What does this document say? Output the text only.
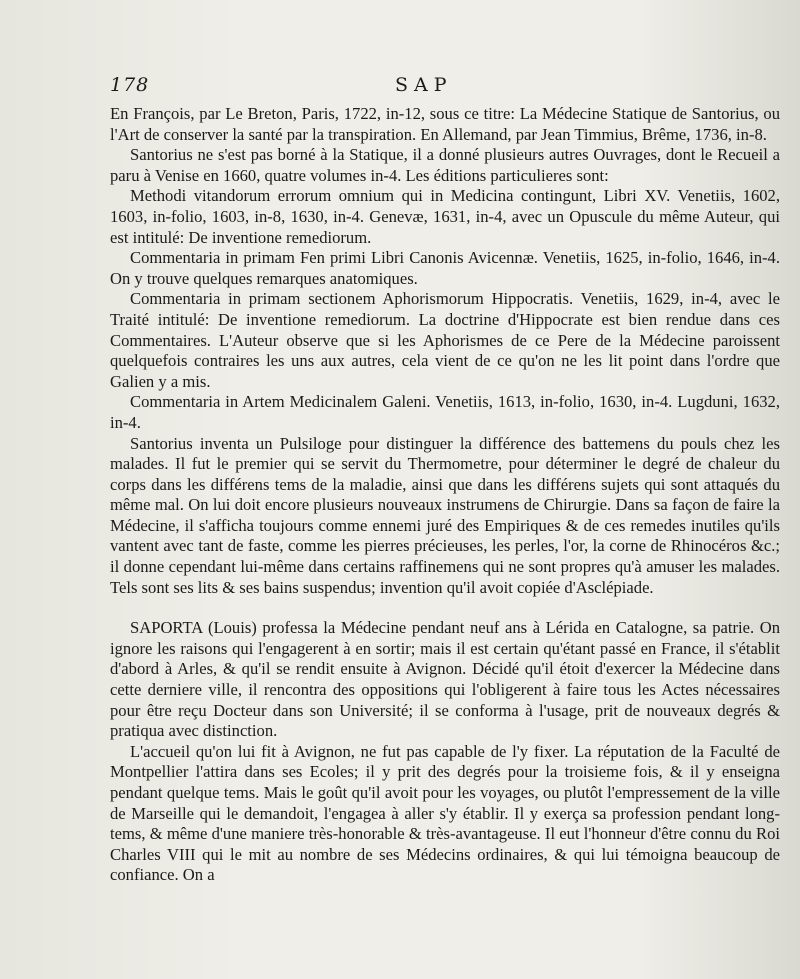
178	SAP

En François, par Le Breton, Paris, 1722, in-12, sous ce titre: La Médecine Statique de Santorius, ou l'Art de conserver la santé par la transpiration. En Allemand, par Jean Timmius, Brême, 1736, in-8.

Santorius ne s'est pas borné à la Statique, il a donné plusieurs autres Ouvrages, dont le Recueil a paru à Venise en 1660, quatre volumes in-4. Les éditions particulieres sont:

Methodi vitandorum errorum omnium qui in Medicina contingunt, Libri XV. Venetiis, 1602, 1603, in-folio, 1603, in-8, 1630, in-4. Genevæ, 1631, in-4, avec un Opuscule du même Auteur, qui est intitulé: De inventione remediorum.

Commentaria in primam Fen primi Libri Canonis Avicennæ. Venetiis, 1625, in-folio, 1646, in-4. On y trouve quelques remarques anatomiques.

Commentaria in primam sectionem Aphorismorum Hippocratis. Venetiis, 1629, in-4, avec le Traité intitulé: De inventione remediorum. La doctrine d'Hippocrate est bien rendue dans ces Commentaires. L'Auteur observe que si les Aphorismes de ce Pere de la Médecine paroissent quelquefois contraires les uns aux autres, cela vient de ce qu'on ne les lit point dans l'ordre que Galien y a mis.

Commentaria in Artem Medicinalem Galeni. Venetiis, 1613, in-folio, 1630, in-4. Lugduni, 1632, in-4.

Santorius inventa un Pulsiloge pour distinguer la différence des battemens du pouls chez les malades. Il fut le premier qui se servit du Thermometre, pour déterminer le degré de chaleur du corps dans les différens tems de la maladie, ainsi que dans les différens sujets qui sont attaqués du même mal. On lui doit encore plusieurs nouveaux instrumens de Chirurgie. Dans sa façon de faire la Médecine, il s'afficha toujours comme ennemi juré des Empiriques & de ces remedes inutiles qu'ils vantent avec tant de faste, comme les pierres précieuses, les perles, l'or, la corne de Rhinocéros &c.; il donne cependant lui-même dans certains raffinemens qui ne sont propres qu'à amuser les malades. Tels sont ses lits & ses bains suspendus; invention qu'il avoit copiée d'Asclépiade.

SAPORTA (Louis) professa la Médecine pendant neuf ans à Lérida en Catalogne, sa patrie. On ignore les raisons qui l'engagerent à en sortir; mais il est certain qu'étant passé en France, il s'établit d'abord à Arles, & qu'il se rendit ensuite à Avignon. Décidé qu'il étoit d'exercer la Médecine dans cette derniere ville, il rencontra des oppositions qui l'obligerent à faire tous les Actes nécessaires pour être reçu Docteur dans son Université; il se conforma à l'usage, prit de nouveaux degrés & pratiqua avec distinction.

L'accueil qu'on lui fit à Avignon, ne fut pas capable de l'y fixer. La réputation de la Faculté de Montpellier l'attira dans ses Ecoles; il y prit des degrés pour la troisieme fois, & il y enseigna pendant quelque tems. Mais le goût qu'il avoit pour les voyages, ou plutôt l'empressement de la ville de Marseille qui le demandoit, l'engagea à aller s'y établir. Il y exerça sa profession pendant long-tems, & même d'une maniere très-honorable & très-avantageuse. Il eut l'honneur d'être connu du Roi Charles VIII qui le mit au nombre de ses Médecins ordinaires, & qui lui témoigna beaucoup de confiance. On a
